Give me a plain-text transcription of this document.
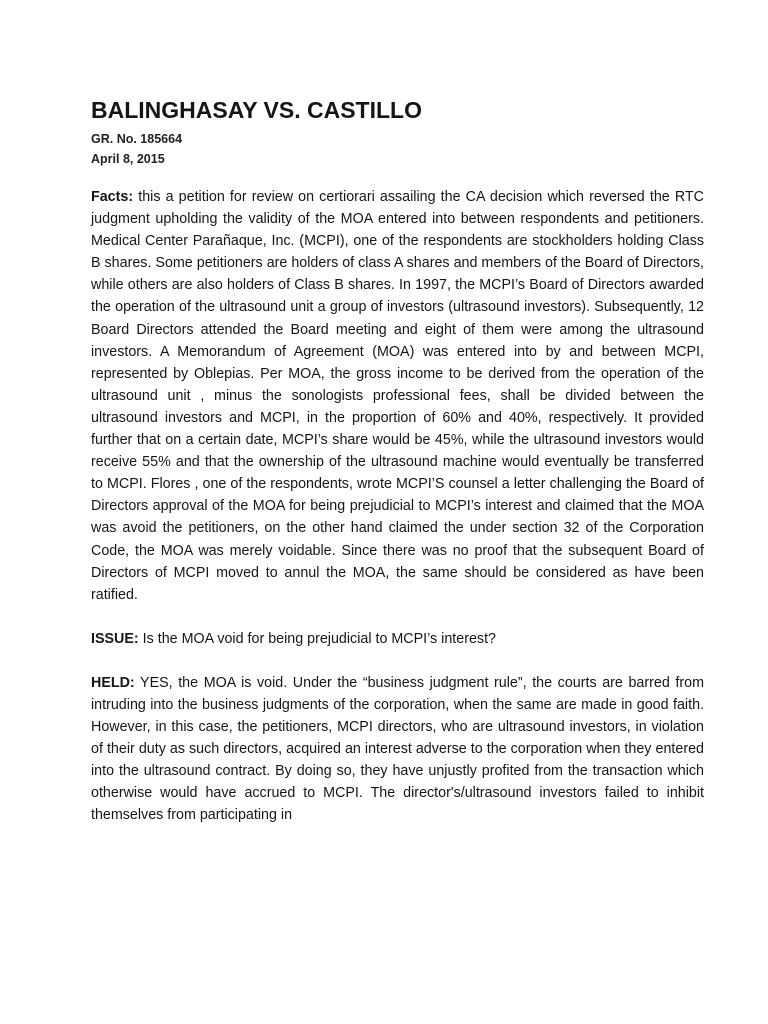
BALINGHASAY VS. CASTILLO

GR. No. 185664

April 8, 2015

Facts: this a petition for review on certiorari assailing the CA decision which reversed the RTC judgment upholding the validity of the MOA entered into between respondents and petitioners. Medical Center Parañaque, Inc. (MCPI), one of the respondents are stockholders holding Class B shares. Some petitioners are holders of class A shares and members of the Board of Directors, while others are also holders of Class B shares. In 1997, the MCPI’s Board of Directors awarded the operation of the ultrasound unit a group of investors (ultrasound investors). Subsequently, 12 Board Directors attended the Board meeting and eight of them were among the ultrasound investors. A Memorandum of Agreement (MOA) was entered into by and between MCPI, represented by Oblepias. Per MOA, the gross income to be derived from the operation of the ultrasound unit , minus the sonologists professional fees, shall be divided between the ultrasound investors and MCPI, in the proportion of 60% and 40%, respectively. It provided further that on a certain date, MCPI’s share would be 45%, while the ultrasound investors would receive 55% and that the ownership of the ultrasound machine would eventually be transferred to MCPI. Flores , one of the respondents, wrote MCPI’S counsel a letter challenging the Board of Directors approval of the MOA for being prejudicial to MCPI’s interest and claimed that the MOA was avoid the petitioners, on the other hand claimed the under section 32 of the Corporation Code, the MOA was merely voidable. Since there was no proof that the subsequent Board of Directors of MCPI moved to annul the MOA, the same should be considered as have been ratified.

ISSUE: Is the MOA void for being prejudicial to MCPI’s interest?

HELD: YES, the MOA is void. Under the “business judgment rule”, the courts are barred from intruding into the business judgments of the corporation, when the same are made in good faith. However, in this case, the petitioners, MCPI directors, who are ultrasound investors, in violation of their duty as such directors, acquired an interest adverse to the corporation when they entered into the ultrasound contract. By doing so, they have unjustly profited from the transaction which otherwise would have accrued to MCPI. The director's/ultrasound investors failed to inhibit themselves from participating in
